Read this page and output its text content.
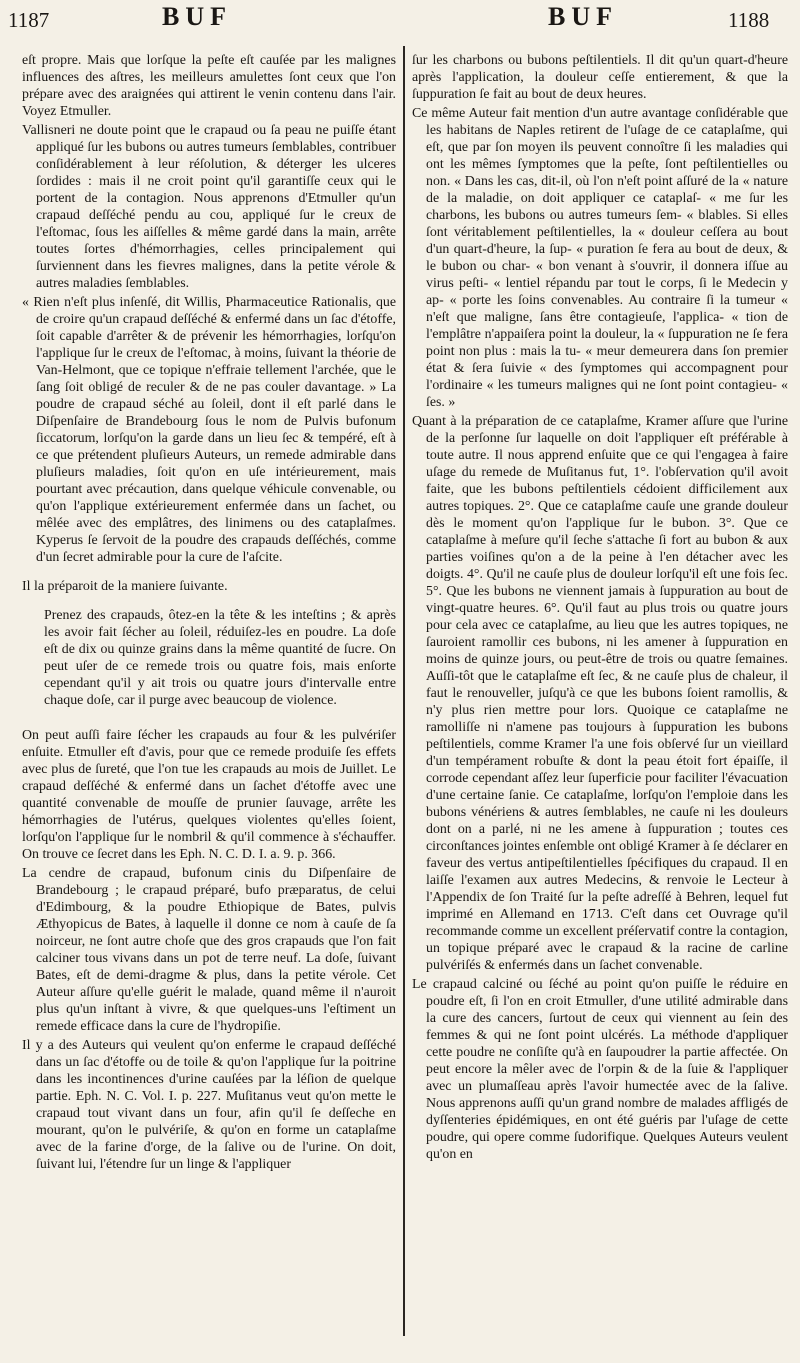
1187	BUF	BUF	1188

eſt propre. Mais que lorſque la peſte eſt cauſée par les malignes influences des aſtres, les meilleurs amulettes ſont ceux que l'on prépare avec des araignées qui attirent le venin contenu dans l'air. Voyez Etmuller.

Vallisneri ne doute point que le crapaud ou ſa peau ne puiſſe étant appliqué ſur les bubons ou autres tumeurs ſemblables, contribuer conſidérablement à leur réſolution, & déterger les ulceres ſordides : mais il ne croit point qu'il garantiſſe ceux qui le portent de la contagion. Nous apprenons d'Etmuller qu'un crapaud deſſéché pendu au cou, appliqué ſur le creux de l'eſtomac, ſous les aiſſelles & même gardé dans la main, arrête toutes ſortes d'hémorrhagies, celles principalement qui ſurviennent dans les fievres malignes, dans la petite vérole & autres maladies ſemblables.

« Rien n'eſt plus inſenſé, dit Willis, Pharmaceutice Rationalis, que de croire qu'un crapaud deſſéché & enfermé dans un ſac d'étoffe, ſoit capable d'arrêter & de prévenir les hémorrhagies, lorſqu'on l'applique ſur le creux de l'eſtomac, à moins, ſuivant la théorie de Van-Helmont, que ce topique n'effraie tellement l'archée, que le ſang ſoit obligé de reculer & de ne pas couler davantage. » La poudre de crapaud séché au ſoleil, dont il eſt parlé dans le Diſpenſaire de Brandebourg ſous le nom de Pulvis bufonum ſiccatorum, lorſqu'on la garde dans un lieu ſec & tempéré, eſt à ce que prétendent pluſieurs Auteurs, un remede admirable dans pluſieurs maladies, ſoit qu'on en uſe intérieurement, mais pourtant avec précaution, dans quelque véhicule convenable, ou qu'on l'applique extérieurement enfermée dans un ſachet, ou mêlée avec des emplâtres, des linimens ou des cataplaſmes. Kyperus ſe ſervoit de la poudre des crapauds deſſéchés, comme d'un ſecret admirable pour la cure de l'aſcite.

Il la préparoit de la maniere ſuivante.

Prenez des crapauds, ôtez-en la tête & les inteſtins ; & après les avoir fait ſécher au ſoleil, réduiſez-les en poudre. La doſe eſt de dix ou quinze grains dans la même quantité de ſucre. On peut uſer de ce remede trois ou quatre fois, mais enſorte cependant qu'il y ait trois ou quatre jours d'intervalle entre chaque doſe, car il purge avec beaucoup de violence.

On peut auſſi faire ſécher les crapauds au four & les pulvériſer enſuite. Etmuller eſt d'avis, pour que ce remede produiſe ſes effets avec plus de ſureté, que l'on tue les crapauds au mois de Juillet. Le crapaud deſſéché & enfermé dans un ſachet d'étoffe avec une quantité convenable de mouſſe de prunier ſauvage, arrête les hémorrhagies de l'utérus, quelques violentes qu'elles ſoient, lorſqu'on l'applique ſur le nombril & qu'il commence à s'échauffer. On trouve ce ſecret dans les Eph. N. C. D. I. a. 9. p. 366.

La cendre de crapaud, bufonum cinis du Diſpenſaire de Brandebourg ; le crapaud préparé, bufo præparatus, de celui d'Edimbourg, & la poudre Ethiopique de Bates, pulvis Æthyopicus de Bates, à laquelle il donne ce nom à cauſe de ſa noirceur, ne ſont autre choſe que des gros crapauds que l'on fait calciner tous vivans dans un pot de terre neuf. La doſe, ſuivant Bates, eſt de demi-dragme & plus, dans la petite vérole. Cet Auteur aſſure qu'elle guérit le malade, quand même il n'auroit plus qu'un inſtant à vivre, & que quelques-uns l'eſtiment un remede efficace dans la cure de l'hydropiſie.

Il y a des Auteurs qui veulent qu'on enferme le crapaud deſſéché dans un ſac d'étoffe ou de toile & qu'on l'applique ſur la poitrine dans les incontinences d'urine cauſées par la léſion de quelque partie. Eph. N. C. Vol. I. p. 227. Muſitanus veut qu'on mette le crapaud tout vivant dans un four, afin qu'il ſe deſſeche en mourant, qu'on le pulvériſe, & qu'on en forme un cataplaſme avec de la farine d'orge, de la ſalive ou de l'urine. On doit, ſuivant lui, l'étendre ſur un linge & l'appliquer

ſur les charbons ou bubons peſtilentiels. Il dit qu'un quart-d'heure après l'application, la douleur ceſſe entierement, & que la ſuppuration ſe fait au bout de deux heures.

Ce même Auteur fait mention d'un autre avantage conſidérable que les habitans de Naples retirent de l'uſage de ce cataplaſme, qui eſt, que par ſon moyen ils peuvent connoître ſi les maladies qui ont les mêmes ſymptomes que la peſte, ſont peſtilentielles ou non. « Dans les cas, dit-il, où l'on n'eſt point aſſuré de la « nature de la maladie, on doit appliquer ce cataplaſ- « me ſur les charbons, les bubons ou autres tumeurs ſem- « blables. Si elles ſont véritablement peſtilentielles, la « douleur ceſſera au bout d'un quart-d'heure, la ſup- « puration ſe fera au bout de deux, & le bubon ou char- « bon venant à s'ouvrir, il donnera iſſue au virus peſti- « lentiel répandu par tout le corps, ſi le Medecin y ap- « porte les ſoins convenables. Au contraire ſi la tumeur « n'eſt que maligne, ſans être contagieuſe, l'applica- « tion de l'emplâtre n'appaiſera point la douleur, la « ſuppuration ne ſe fera point non plus : mais la tu- « meur demeurera dans ſon premier état & ſera ſuivie « des ſymptomes qui accompagnent pour l'ordinaire « les tumeurs malignes qui ne ſont point contagieu- « ſes. »

Quant à la préparation de ce cataplaſme, Kramer aſſure que l'urine de la perſonne ſur laquelle on doit l'appliquer eſt préférable à toute autre. Il nous apprend enſuite que ce qui l'engagea à faire uſage du remede de Muſitanus fut, 1°. l'obſervation qu'il avoit faite, que les bubons peſtilentiels cédoient difficilement aux autres topiques. 2°. Que ce cataplaſme cauſe une grande douleur dès le moment qu'on l'applique ſur le bubon. 3°. Que ce cataplaſme à meſure qu'il ſeche s'attache ſi fort au bubon & aux parties voiſines qu'on a de la peine à l'en détacher avec les doigts. 4°. Qu'il ne cauſe plus de douleur lorſqu'il eſt une fois ſec. 5°. Que les bubons ne viennent jamais à ſuppuration au bout de vingt-quatre heures. 6°. Qu'il faut au plus trois ou quatre jours pour cela avec ce cataplaſme, au lieu que les autres topiques, ne ſauroient ramollir ces bubons, ni les amener à ſuppuration en moins de quinze jours, ou peut-être de trois ou quatre ſemaines. Auſſi-tôt que le cataplaſme eſt ſec, & ne cauſe plus de chaleur, il faut le renouveller, juſqu'à ce que les bubons ſoient ramollis, & n'y plus rien mettre pour lors. Quoique ce cataplaſme ne ramolliſſe ni n'amene pas toujours à ſuppuration les bubons peſtilentiels, comme Kramer l'a une fois obſervé ſur un vieillard d'un tempérament robuſte & dont la peau étoit fort épaiſſe, il corrode cependant aſſez leur ſuperficie pour faciliter l'évacuation d'une certaine ſanie. Ce cataplaſme, lorſqu'on l'emploie dans les bubons vénériens & autres ſemblables, ne cauſe ni les douleurs dont on a parlé, ni ne les amene à ſuppuration ; toutes ces circonſtances jointes enſemble ont obligé Kramer à ſe déclarer en faveur des vertus antipeſtilentielles ſpécifiques du crapaud. Il en laiſſe l'examen aux autres Medecins, & renvoie le Lecteur à l'Appendix de ſon Traité ſur la peſte adreſſé à Behren, lequel fut imprimé en Allemand en 1713. C'eſt dans cet Ouvrage qu'il recommande comme un excellent préſervatif contre la contagion, un topique préparé avec le crapaud & la racine de carline pulvériſés & enfermés dans un ſachet convenable.

Le crapaud calciné ou ſéché au point qu'on puiſſe le réduire en poudre eſt, ſi l'on en croit Etmuller, d'une utilité admirable dans la cure des cancers, ſurtout de ceux qui viennent au ſein des femmes & qui ne ſont point ulcérés. La méthode d'appliquer cette poudre ne conſiſte qu'à en ſaupoudrer la partie affectée. On peut encore la mêler avec de l'orpin & de la ſuie & l'appliquer avec un plumaſſeau après l'avoir humectée avec de la ſalive. Nous apprenons auſſi qu'un grand nombre de malades affligés de dyſſenteries épidémiques, en ont été guéris par l'uſage de cette poudre, qui opere comme ſudorifique. Quelques Auteurs veulent qu'on en
